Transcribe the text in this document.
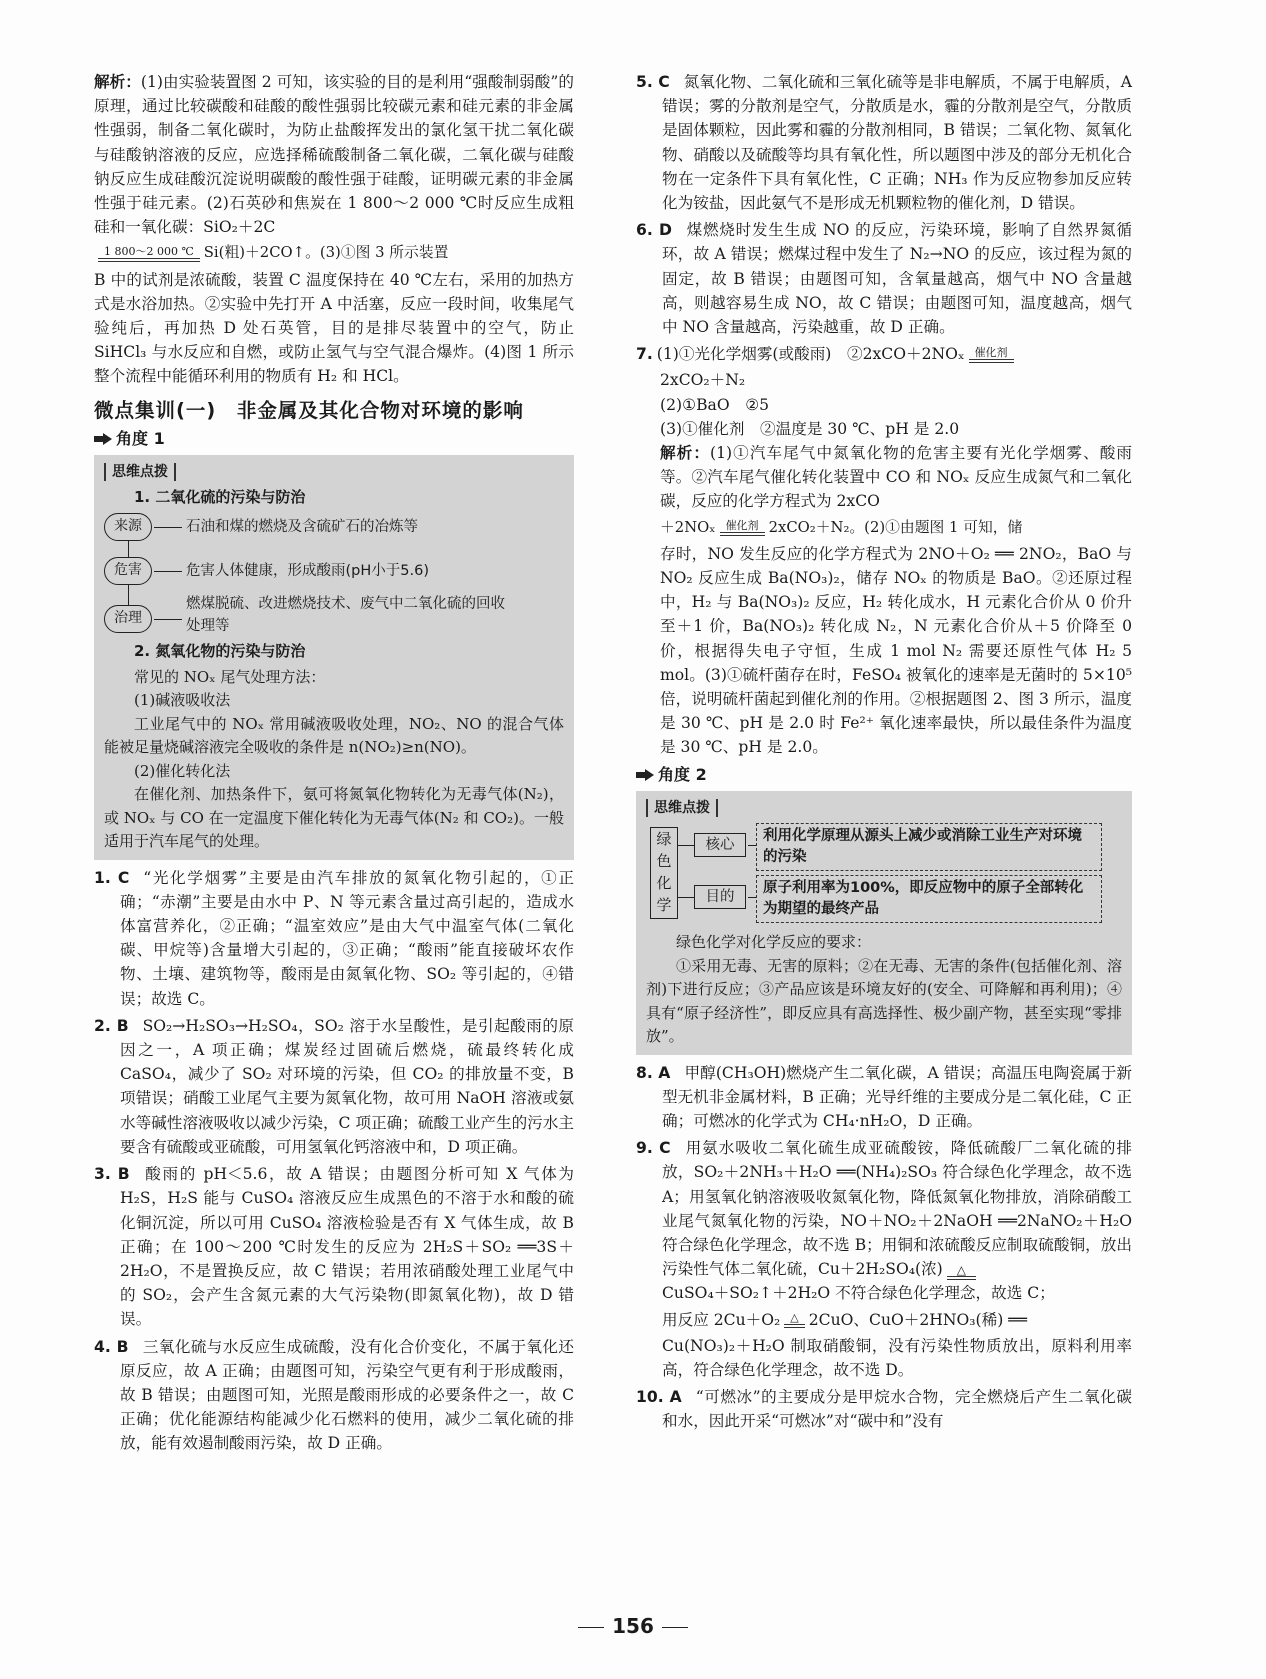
解析：(1)由实验装置图 2 可知，该实验的目的是利用“强酸制弱酸”的原理，通过比较碳酸和硅酸的酸性强弱比较碳元素和硅元素的非金属性强弱，制备二氧化碳时，为防止盐酸挥发出的氯化氢干扰二氧化碳与硅酸钠溶液的反应，应选择稀硫酸制备二氧化碳，二氧化碳与硅酸钠反应生成硅酸沉淀说明碳酸的酸性强于硅酸，证明碳元素的非金属性强于硅元素。(2)石英砂和焦炭在 1 800～2 000 ℃时反应生成粗硅和一氧化碳：SiO₂＋2C

1 800～2 000 ℃ Si(粗)＋2CO↑。(3)①图 3 所示装置

B 中的试剂是浓硫酸，装置 C 温度保持在 40 ℃左右，采用的加热方式是水浴加热。②实验中先打开 A 中活塞，反应一段时间，收集尾气验纯后，再加热 D 处石英管，目的是排尽装置中的空气，防止 SiHCl₃ 与水反应和自燃，或防止氢气与空气混合爆炸。(4)图 1 所示整个流程中能循环利用的物质有 H₂ 和 HCl。

微点集训(一)　非金属及其化合物对环境的影响
角度 1
思维点拨
1. 二氧化硫的污染与防治
来源	石油和煤的燃烧及含硫矿石的冶炼等
危害	危害人体健康，形成酸雨(pH小于5.6)
治理
燃煤脱硫、改进燃烧技术、废气中二氧化硫的回收处理等
2. 氮氧化物的污染与防治

常见的 NOₓ 尾气处理方法：

(1)碱液吸收法

工业尾气中的 NOₓ 常用碱液吸收处理，NO₂、NO 的混合气体能被足量烧碱溶液完全吸收的条件是 n(NO₂)≥n(NO)。

(2)催化转化法

在催化剂、加热条件下，氨可将氮氧化物转化为无毒气体(N₂)，或 NOₓ 与 CO 在一定温度下催化转化为无毒气体(N₂ 和 CO₂)。一般适用于汽车尾气的处理。

1. C “光化学烟雾”主要是由汽车排放的氮氧化物引起的，①正确；“赤潮”主要是由水中 P、N 等元素含量过高引起的，造成水体富营养化，②正确；“温室效应”是由大气中温室气体(二氧化碳、甲烷等)含量增大引起的，③正确；“酸雨”能直接破坏农作物、土壤、建筑物等，酸雨是由氮氧化物、SO₂ 等引起的，④错误；故选 C。

2. B SO₂→H₂SO₃→H₂SO₄，SO₂ 溶于水呈酸性，是引起酸雨的原因之一，A 项正确；煤炭经过固硫后燃烧，硫最终转化成 CaSO₄，减少了 SO₂ 对环境的污染，但 CO₂ 的排放量不变，B 项错误；硝酸工业尾气主要为氮氧化物，故可用 NaOH 溶液或氨水等碱性溶液吸收以减少污染，C 项正确；硫酸工业产生的污水主要含有硫酸或亚硫酸，可用氢氧化钙溶液中和，D 项正确。

3. B 酸雨的 pH＜5.6，故 A 错误；由题图分析可知 X 气体为 H₂S，H₂S 能与 CuSO₄ 溶液反应生成黑色的不溶于水和酸的硫化铜沉淀，所以可用 CuSO₄ 溶液检验是否有 X 气体生成，故 B 正确；在 100～200 ℃时发生的反应为 2H₂S＋SO₂ ══3S＋2H₂O，不是置换反应，故 C 错误；若用浓硝酸处理工业尾气中的 SO₂，会产生含氮元素的大气污染物(即氮氧化物)，故 D 错误。

4. B 三氧化硫与水反应生成硫酸，没有化合价变化，不属于氧化还原反应，故 A 正确；由题图可知，污染空气更有利于形成酸雨，故 B 错误；由题图可知，光照是酸雨形成的必要条件之一，故 C 正确；优化能源结构能减少化石燃料的使用，减少二氧化硫的排放，能有效遏制酸雨污染，故 D 正确。

5. C 氮氧化物、二氧化硫和三氧化硫等是非电解质，不属于电解质，A 错误；雾的分散剂是空气，分散质是水，霾的分散剂是空气，分散质是固体颗粒，因此雾和霾的分散剂相同，B 错误；二氧化物、氮氧化物、硝酸以及硫酸等均具有氧化性，所以题图中涉及的部分无机化合物在一定条件下具有氧化性，C 正确；NH₃ 作为反应物参加反应转化为铵盐，因此氨气不是形成无机颗粒物的催化剂，D 错误。

6. D 煤燃烧时发生生成 NO 的反应，污染环境，影响了自然界氮循环，故 A 错误；燃煤过程中发生了 N₂→NO 的反应，该过程为氮的固定，故 B 错误；由题图可知，含氧量越高，烟气中 NO 含量越高，则越容易生成 NO，故 C 错误；由题图可知，温度越高，烟气中 NO 含量越高，污染越重，故 D 正确。

7. (1)①光化学烟雾(或酸雨)　②2xCO＋2NOₓ 催化剂

2xCO₂＋N₂

(2)①BaO　②5

(3)①催化剂　②温度是 30 ℃、pH 是 2.0

解析：(1)①汽车尾气中氮氧化物的危害主要有光化学烟雾、酸雨等。②汽车尾气催化转化装置中 CO 和 NOₓ 反应生成氮气和二氧化碳，反应的化学方程式为 2xCO

＋2NOₓ 催化剂 2xCO₂＋N₂。(2)①由题图 1 可知，储

存时，NO 发生反应的化学方程式为 2NO＋O₂ ══ 2NO₂，BaO 与 NO₂ 反应生成 Ba(NO₃)₂，储存 NOₓ 的物质是 BaO。②还原过程中，H₂ 与 Ba(NO₃)₂ 反应，H₂ 转化成水，H 元素化合价从 0 价升至＋1 价，Ba(NO₃)₂ 转化成 N₂，N 元素化合价从＋5 价降至 0 价，根据得失电子守恒，生成 1 mol N₂ 需要还原性气体 H₂ 5 mol。(3)①硫杆菌存在时，FeSO₄ 被氧化的速率是无菌时的 5×10⁵ 倍，说明硫杆菌起到催化剂的作用。②根据题图 2、图 3 所示，温度是 30 ℃、pH 是 2.0 时 Fe²⁺ 氧化速率最快，所以最佳条件为温度是 30 ℃、pH 是 2.0。

角度 2
思维点拨
绿色化学
核心
利用化学原理从源头上减少或消除工业生产对环境的污染
目的
原子利用率为100%，即反应物中的原子全部转化为期望的最终产品

绿色化学对化学反应的要求：

①采用无毒、无害的原料；②在无毒、无害的条件(包括催化剂、溶剂)下进行反应；③产品应该是环境友好的(安全、可降解和再利用)；④具有“原子经济性”，即反应具有高选择性、极少副产物，甚至实现“零排放”。

8. A 甲醇(CH₃OH)燃烧产生二氧化碳，A 错误；高温压电陶瓷属于新型无机非金属材料，B 正确；光导纤维的主要成分是二氧化硅，C 正确；可燃冰的化学式为 CH₄·nH₂O，D 正确。

9. C 用氨水吸收二氧化硫生成亚硫酸铵，降低硫酸厂二氧化硫的排放，SO₂＋2NH₃＋H₂O ══(NH₄)₂SO₃ 符合绿色化学理念，故不选 A；用氢氧化钠溶液吸收氮氧化物，降低氮氧化物排放，消除硝酸工业尾气氮氧化物的污染，NO＋NO₂＋2NaOH ══2NaNO₂＋H₂O 符合绿色化学理念，故不选 B；用铜和浓硫酸反应制取硫酸铜，放出污染性气体二氧化硫，Cu＋2H₂SO₄(浓) △

CuSO₄＋SO₂↑＋2H₂O 不符合绿色化学理念，故选 C；

用反应 2Cu＋O₂ △ 2CuO、CuO＋2HNO₃(稀) ══

Cu(NO₃)₂＋H₂O 制取硝酸铜，没有污染性物质放出，原料利用率高，符合绿色化学理念，故不选 D。

10. A “可燃冰”的主要成分是甲烷水合物，完全燃烧后产生二氧化碳和水，因此开采“可燃冰”对“碳中和”没有

156
